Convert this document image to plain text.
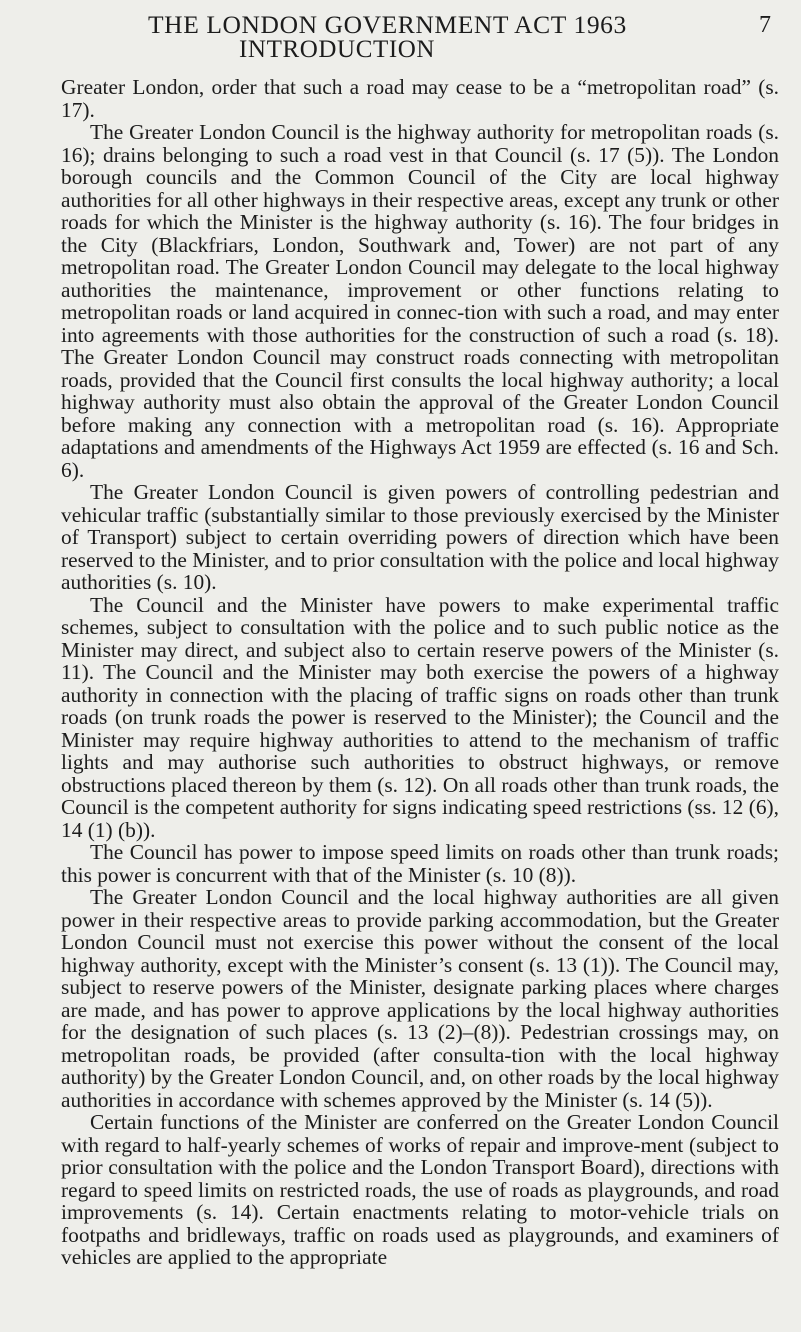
THE LONDON GOVERNMENT ACT 1963	7
INTRODUCTION

Greater London, order that such a road may cease to be a “metropolitan road” (s. 17).

The Greater London Council is the highway authority for metropolitan roads (s. 16); drains belonging to such a road vest in that Council (s. 17 (5)). The London borough councils and the Common Council of the City are local highway authorities for all other highways in their respective areas, except any trunk or other roads for which the Minister is the highway authority (s. 16). The four bridges in the City (Blackfriars, London, Southwark and, Tower) are not part of any metropolitan road. The Greater London Council may delegate to the local highway authorities the maintenance, improvement or other functions relating to metropolitan roads or land acquired in connec-tion with such a road, and may enter into agreements with those authorities for the construction of such a road (s. 18). The Greater London Council may construct roads connecting with metropolitan roads, provided that the Council first consults the local highway authority; a local highway authority must also obtain the approval of the Greater London Council before making any connection with a metropolitan road (s. 16). Appropriate adaptations and amendments of the Highways Act 1959 are effected (s. 16 and Sch. 6).

The Greater London Council is given powers of controlling pedestrian and vehicular traffic (substantially similar to those previously exercised by the Minister of Transport) subject to certain overriding powers of direction which have been reserved to the Minister, and to prior consultation with the police and local highway authorities (s. 10).

The Council and the Minister have powers to make experimental traffic schemes, subject to consultation with the police and to such public notice as the Minister may direct, and subject also to certain reserve powers of the Minister (s. 11). The Council and the Minister may both exercise the powers of a highway authority in connection with the placing of traffic signs on roads other than trunk roads (on trunk roads the power is reserved to the Minister); the Council and the Minister may require highway authorities to attend to the mechanism of traffic lights and may authorise such authorities to obstruct highways, or remove obstructions placed thereon by them (s. 12). On all roads other than trunk roads, the Council is the competent authority for signs indicating speed restrictions (ss. 12 (6), 14 (1) (b)).

The Council has power to impose speed limits on roads other than trunk roads; this power is concurrent with that of the Minister (s. 10 (8)).

The Greater London Council and the local highway authorities are all given power in their respective areas to provide parking accommodation, but the Greater London Council must not exercise this power without the consent of the local highway authority, except with the Minister’s consent (s. 13 (1)). The Council may, subject to reserve powers of the Minister, designate parking places where charges are made, and has power to approve applications by the local highway authorities for the designation of such places (s. 13 (2)–(8)). Pedestrian crossings may, on metropolitan roads, be provided (after consulta-tion with the local highway authority) by the Greater London Council, and, on other roads by the local highway authorities in accordance with schemes approved by the Minister (s. 14 (5)).

Certain functions of the Minister are conferred on the Greater London Council with regard to half-yearly schemes of works of repair and improve-ment (subject to prior consultation with the police and the London Transport Board), directions with regard to speed limits on restricted roads, the use of roads as playgrounds, and road improvements (s. 14). Certain enactments relating to motor-vehicle trials on footpaths and bridleways, traffic on roads used as playgrounds, and examiners of vehicles are applied to the appropriate
